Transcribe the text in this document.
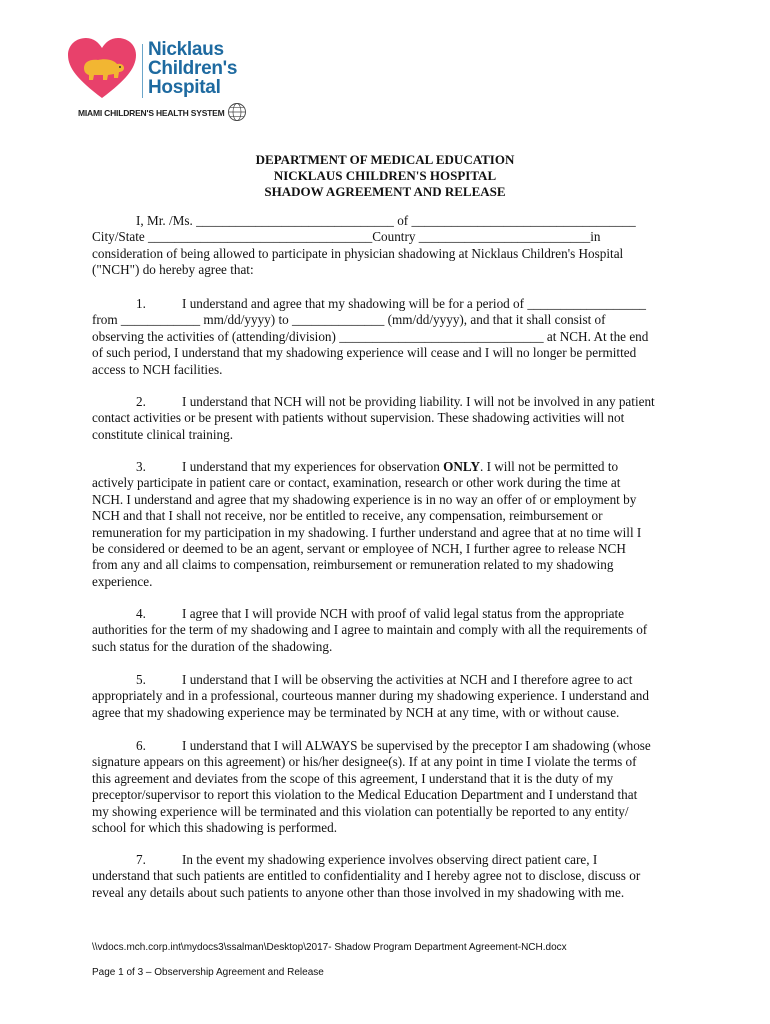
Nicklaus
Children's
Hospital
MIAMI CHILDREN'S HEALTH SYSTEM
DEPARTMENT OF MEDICAL EDUCATION
NICKLAUS CHILDREN'S HOSPITAL
SHADOW AGREEMENT AND RELEASE
I, Mr. /Ms. ______________________________ of __________________________________
City/State __________________________________Country __________________________in
consideration of being allowed to participate in physician shadowing at Nicklaus Children's Hospital
("NCH") do hereby agree that:
1.	I understand and agree that my shadowing will be for a period of __________________
from ____________ mm/dd/yyyy) to ______________ (mm/dd/yyyy), and that it shall consist of
observing the activities of (attending/division) _______________________________ at NCH. At the end
of such period, I understand that my shadowing experience will cease and I will no longer be permitted
access to NCH facilities.
2.	I understand that NCH will not be providing liability. I will not be involved in any patient
contact activities or be present with patients without supervision. These shadowing activities will not
constitute clinical training.
3.	I understand that my experiences for observation ONLY. I will not be permitted to
actively participate in patient care or contact, examination, research or other work during the time at
NCH. I understand and agree that my shadowing experience is in no way an offer of or employment by
NCH and that I shall not receive, nor be entitled to receive, any compensation, reimbursement or
remuneration for my participation in my shadowing. I further understand and agree that at no time will I
be considered or deemed to be an agent, servant or employee of NCH, I further agree to release NCH
from any and all claims to compensation, reimbursement or remuneration related to my shadowing
experience.
4.	I agree that I will provide NCH with proof of valid legal status from the appropriate
authorities for the term of my shadowing and I agree to maintain and comply with all the requirements of
such status for the duration of the shadowing.
5.	I understand that I will be observing the activities at NCH and I therefore agree to act
appropriately and in a professional, courteous manner during my shadowing experience. I understand and
agree that my shadowing experience may be terminated by NCH at any time, with or without cause.
6.	I understand that I will ALWAYS be supervised by the preceptor I am shadowing (whose
signature appears on this agreement) or his/her designee(s). If at any point in time I violate the terms of
this agreement and deviates from the scope of this agreement, I understand that it is the duty of my
preceptor/supervisor to report this violation to the Medical Education Department and I understand that
my showing experience will be terminated and this violation can potentially be reported to any entity/
school for which this shadowing is performed.
7.	In the event my shadowing experience involves observing direct patient care, I
understand that such patients are entitled to confidentiality and I hereby agree not to disclose, discuss or
reveal any details about such patients to anyone other than those involved in my shadowing with me.
\\vdocs.mch.corp.int\mydocs3\ssalman\Desktop\2017- Shadow Program Department Agreement-NCH.docx
Page 1 of 3 – Observership Agreement and Release
